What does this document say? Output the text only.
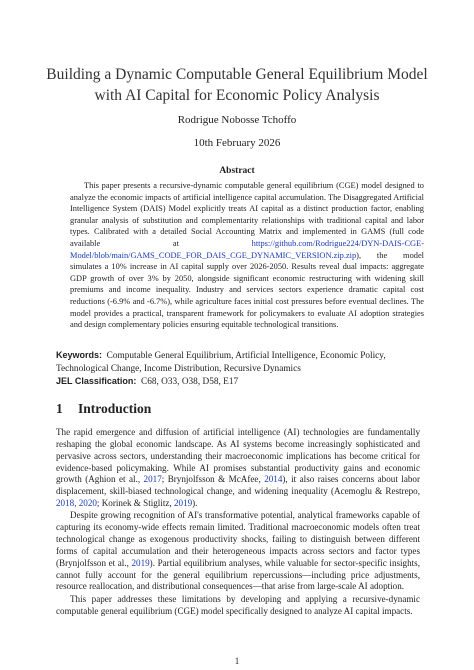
Building a Dynamic Computable General Equilibrium Model
with AI Capital for Economic Policy Analysis
Rodrigue Nobosse Tchoffo
10th February 2026
Abstract

This paper presents a recursive-dynamic computable general equilibrium (CGE) model designed to analyze the economic impacts of artificial intelligence capital accumulation. The Disaggregated Artificial Intelligence System (DAIS) Model explicitly treats AI capital as a distinct production factor, enabling granular analysis of substitution and complementarity relationships with traditional capital and labor types. Calibrated with a detailed Social Accounting Matrix and implemented in GAMS (full code available at https://github.com/Rodrigue224/DYN-DAIS-CGE-Model/blob/main/GAMS_CODE_FOR_DAIS_CGE_DYNAMIC_VERSION.zip.zip), the model simulates a 10% increase in AI capital supply over 2026-2050. Results reveal dual impacts: aggregate GDP growth of over 3% by 2050, alongside significant economic restructuring with widening skill premiums and income inequality. Industry and services sectors experience dramatic capital cost reductions (-6.9% and -6.7%), while agriculture faces initial cost pressures before eventual declines. The model provides a practical, transparent framework for policymakers to evaluate AI adoption strategies and design complementary policies ensuring equitable technological transitions.

Keywords: Computable General Equilibrium, Artificial Intelligence, Economic Policy, Technological Change, Income Distribution, Recursive Dynamics
JEL Classification: C68, O33, O38, D58, E17
1 Introduction

The rapid emergence and diffusion of artificial intelligence (AI) technologies are fundamentally reshaping the global economic landscape. As AI systems become increasingly sophisticated and pervasive across sectors, understanding their macroeconomic implications has become critical for evidence-based policymaking. While AI promises substantial productivity gains and economic growth (Aghion et al., 2017; Brynjolfsson & McAfee, 2014), it also raises concerns about labor displacement, skill-biased technological change, and widening inequality (Acemoglu & Restrepo, 2018, 2020; Korinek & Stiglitz, 2019).

Despite growing recognition of AI's transformative potential, analytical frameworks capable of capturing its economy-wide effects remain limited. Traditional macroeconomic models often treat technological change as exogenous productivity shocks, failing to distinguish between different forms of capital accumulation and their heterogeneous impacts across sectors and factor types (Brynjolfsson et al., 2019). Partial equilibrium analyses, while valuable for sector-specific insights, cannot fully account for the general equilibrium repercussions—including price adjustments, resource reallocation, and distributional consequences—that arise from large-scale AI adoption.

This paper addresses these limitations by developing and applying a recursive-dynamic computable general equilibrium (CGE) model specifically designed to analyze AI capital impacts.

1
